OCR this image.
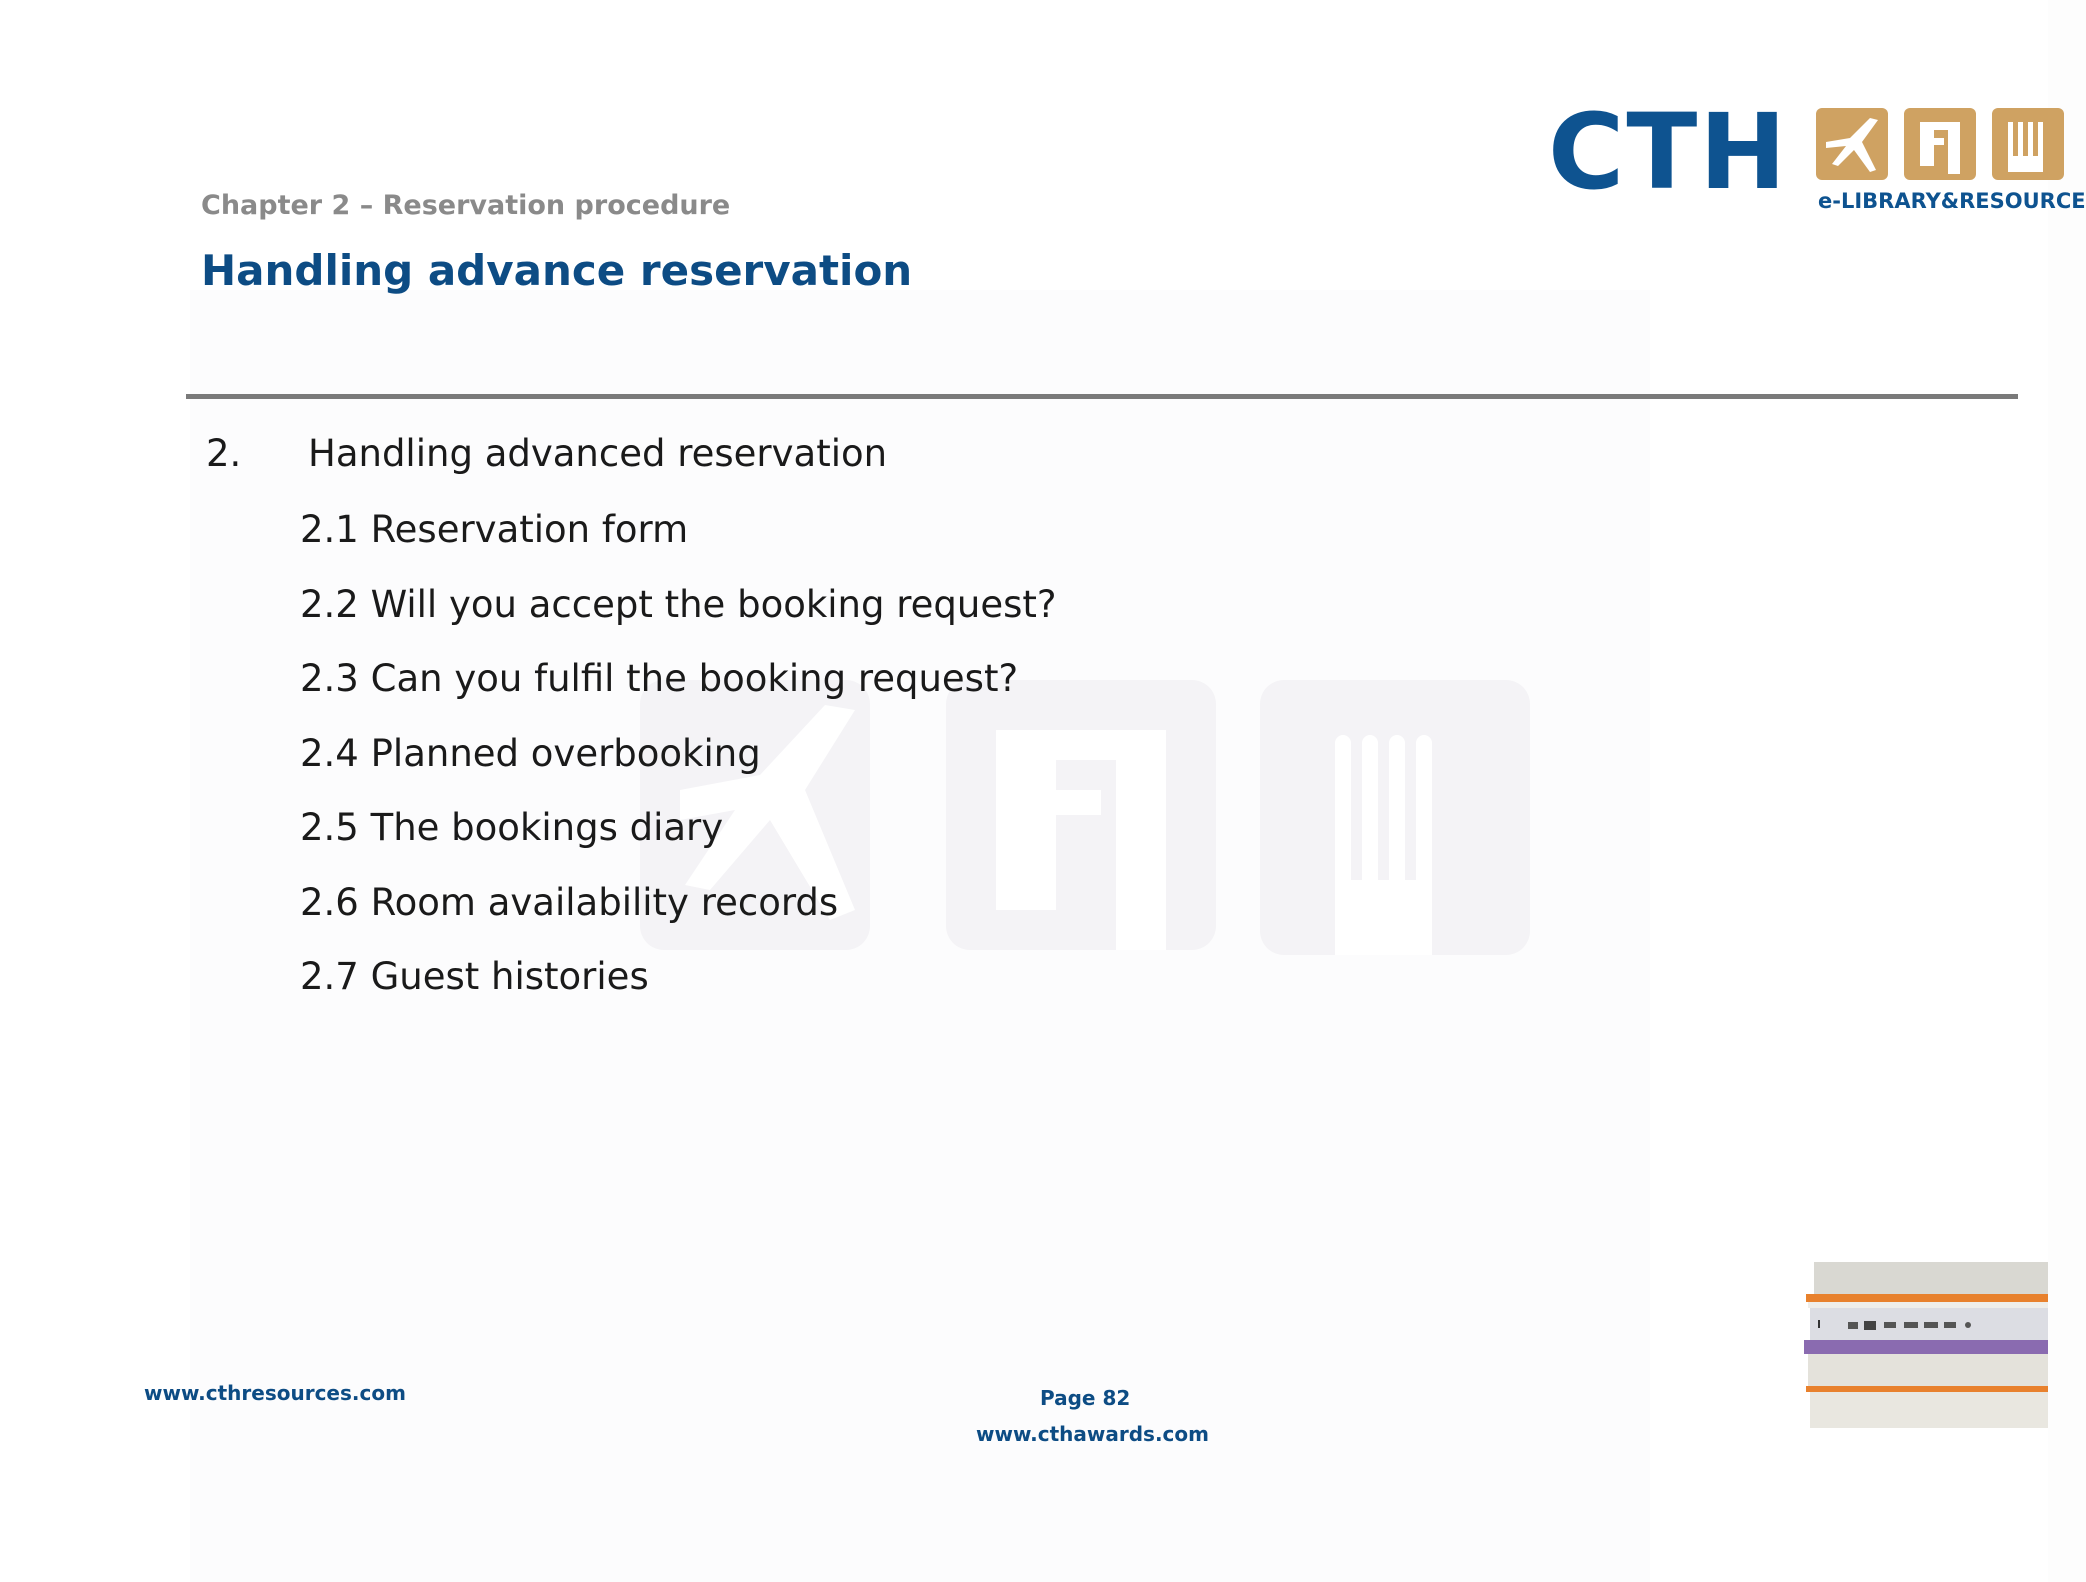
CTH e-LIBRARY&RESOURCE
Chapter 2 – Reservation procedure
Handling advance reservation
2. Handling advanced reservation
2.1 Reservation form
2.2 Will you accept the booking request?
2.3 Can you fulfil the booking request?
2.4 Planned overbooking
2.5 The bookings diary
2.6 Room availability records
2.7 Guest histories
www.cthresources.com	Page 82
www.cthawards.com
